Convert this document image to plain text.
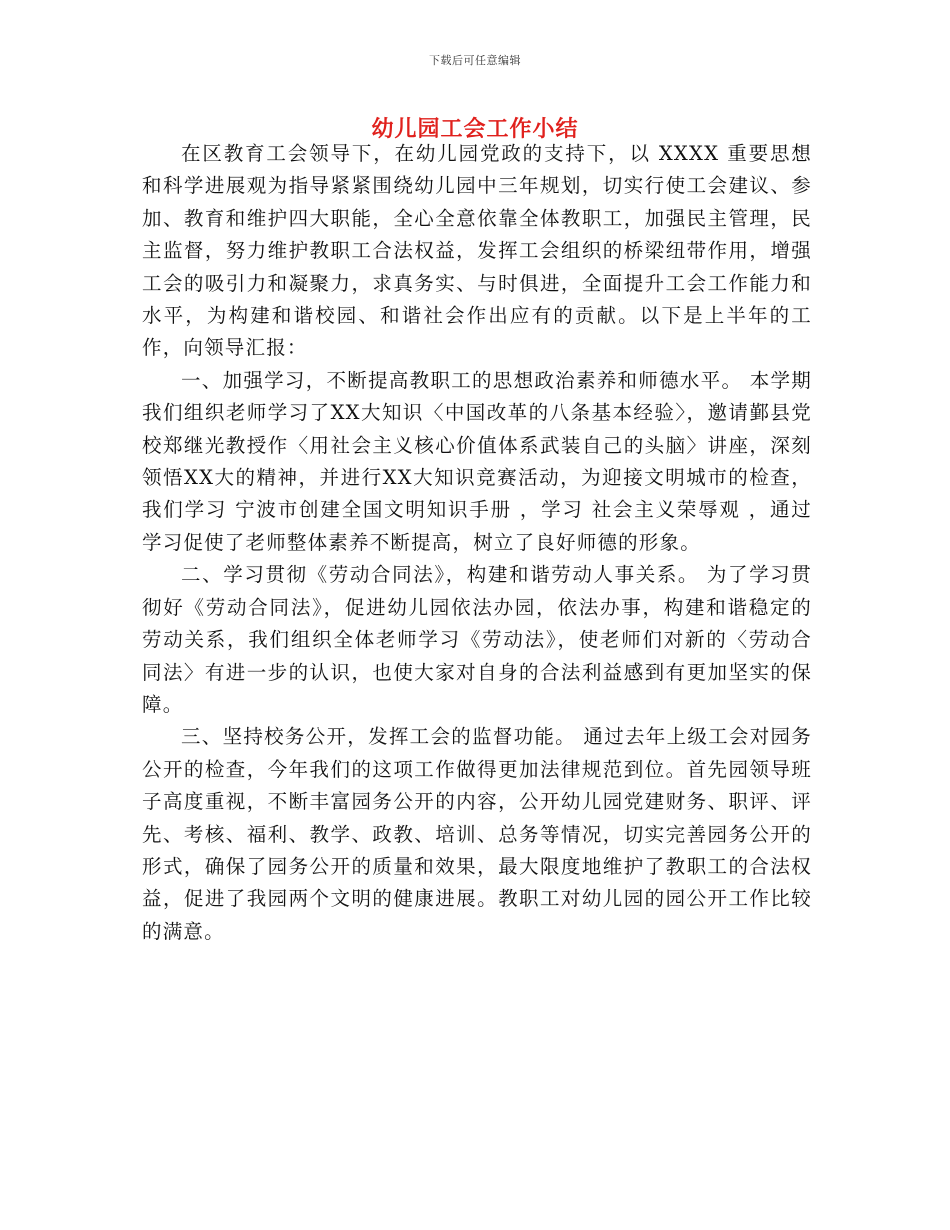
下载后可任意编辑
幼儿园工会工作小结

在区教育工会领导下，在幼儿园党政的支持下，以 XXXX 重要思想和科学进展观为指导紧紧围绕幼儿园中三年规划，切实行使工会建议、参加、教育和维护四大职能，全心全意依靠全体教职工，加强民主管理，民主监督，努力维护教职工合法权益，发挥工会组织的桥梁纽带作用，增强工会的吸引力和凝聚力，求真务实、与时俱进，全面提升工会工作能力和水平，为构建和谐校园、和谐社会作出应有的贡献。以下是上半年的工作，向领导汇报：

一、加强学习，不断提高教职工的思想政治素养和师德水平。 本学期我们组织老师学习了XX大知识〈中国改革的八条基本经验〉，邀请鄞县党校郑继光教授作〈用社会主义核心价值体系武装自己的头脑〉讲座，深刻领悟XX大的精神，并进行XX大知识竞赛活动，为迎接文明城市的检查，我们学习 宁波市创建全国文明知识手册 ，学习 社会主义荣辱观 ，通过学习促使了老师整体素养不断提高，树立了良好师德的形象。

二、学习贯彻《劳动合同法》，构建和谐劳动人事关系。 为了学习贯彻好《劳动合同法》，促进幼儿园依法办园，依法办事，构建和谐稳定的劳动关系，我们组织全体老师学习《劳动法》，使老师们对新的〈劳动合同法〉有进一步的认识，也使大家对自身的合法利益感到有更加坚实的保障。

三、坚持校务公开，发挥工会的监督功能。 通过去年上级工会对园务公开的检查，今年我们的这项工作做得更加法律规范到位。首先园领导班子高度重视，不断丰富园务公开的内容，公开幼儿园党建财务、职评、评先、考核、福利、教学、政教、培训、总务等情况，切实完善园务公开的形式，确保了园务公开的质量和效果，最大限度地维护了教职工的合法权益，促进了我园两个文明的健康进展。教职工对幼儿园的园公开工作比较的满意。
